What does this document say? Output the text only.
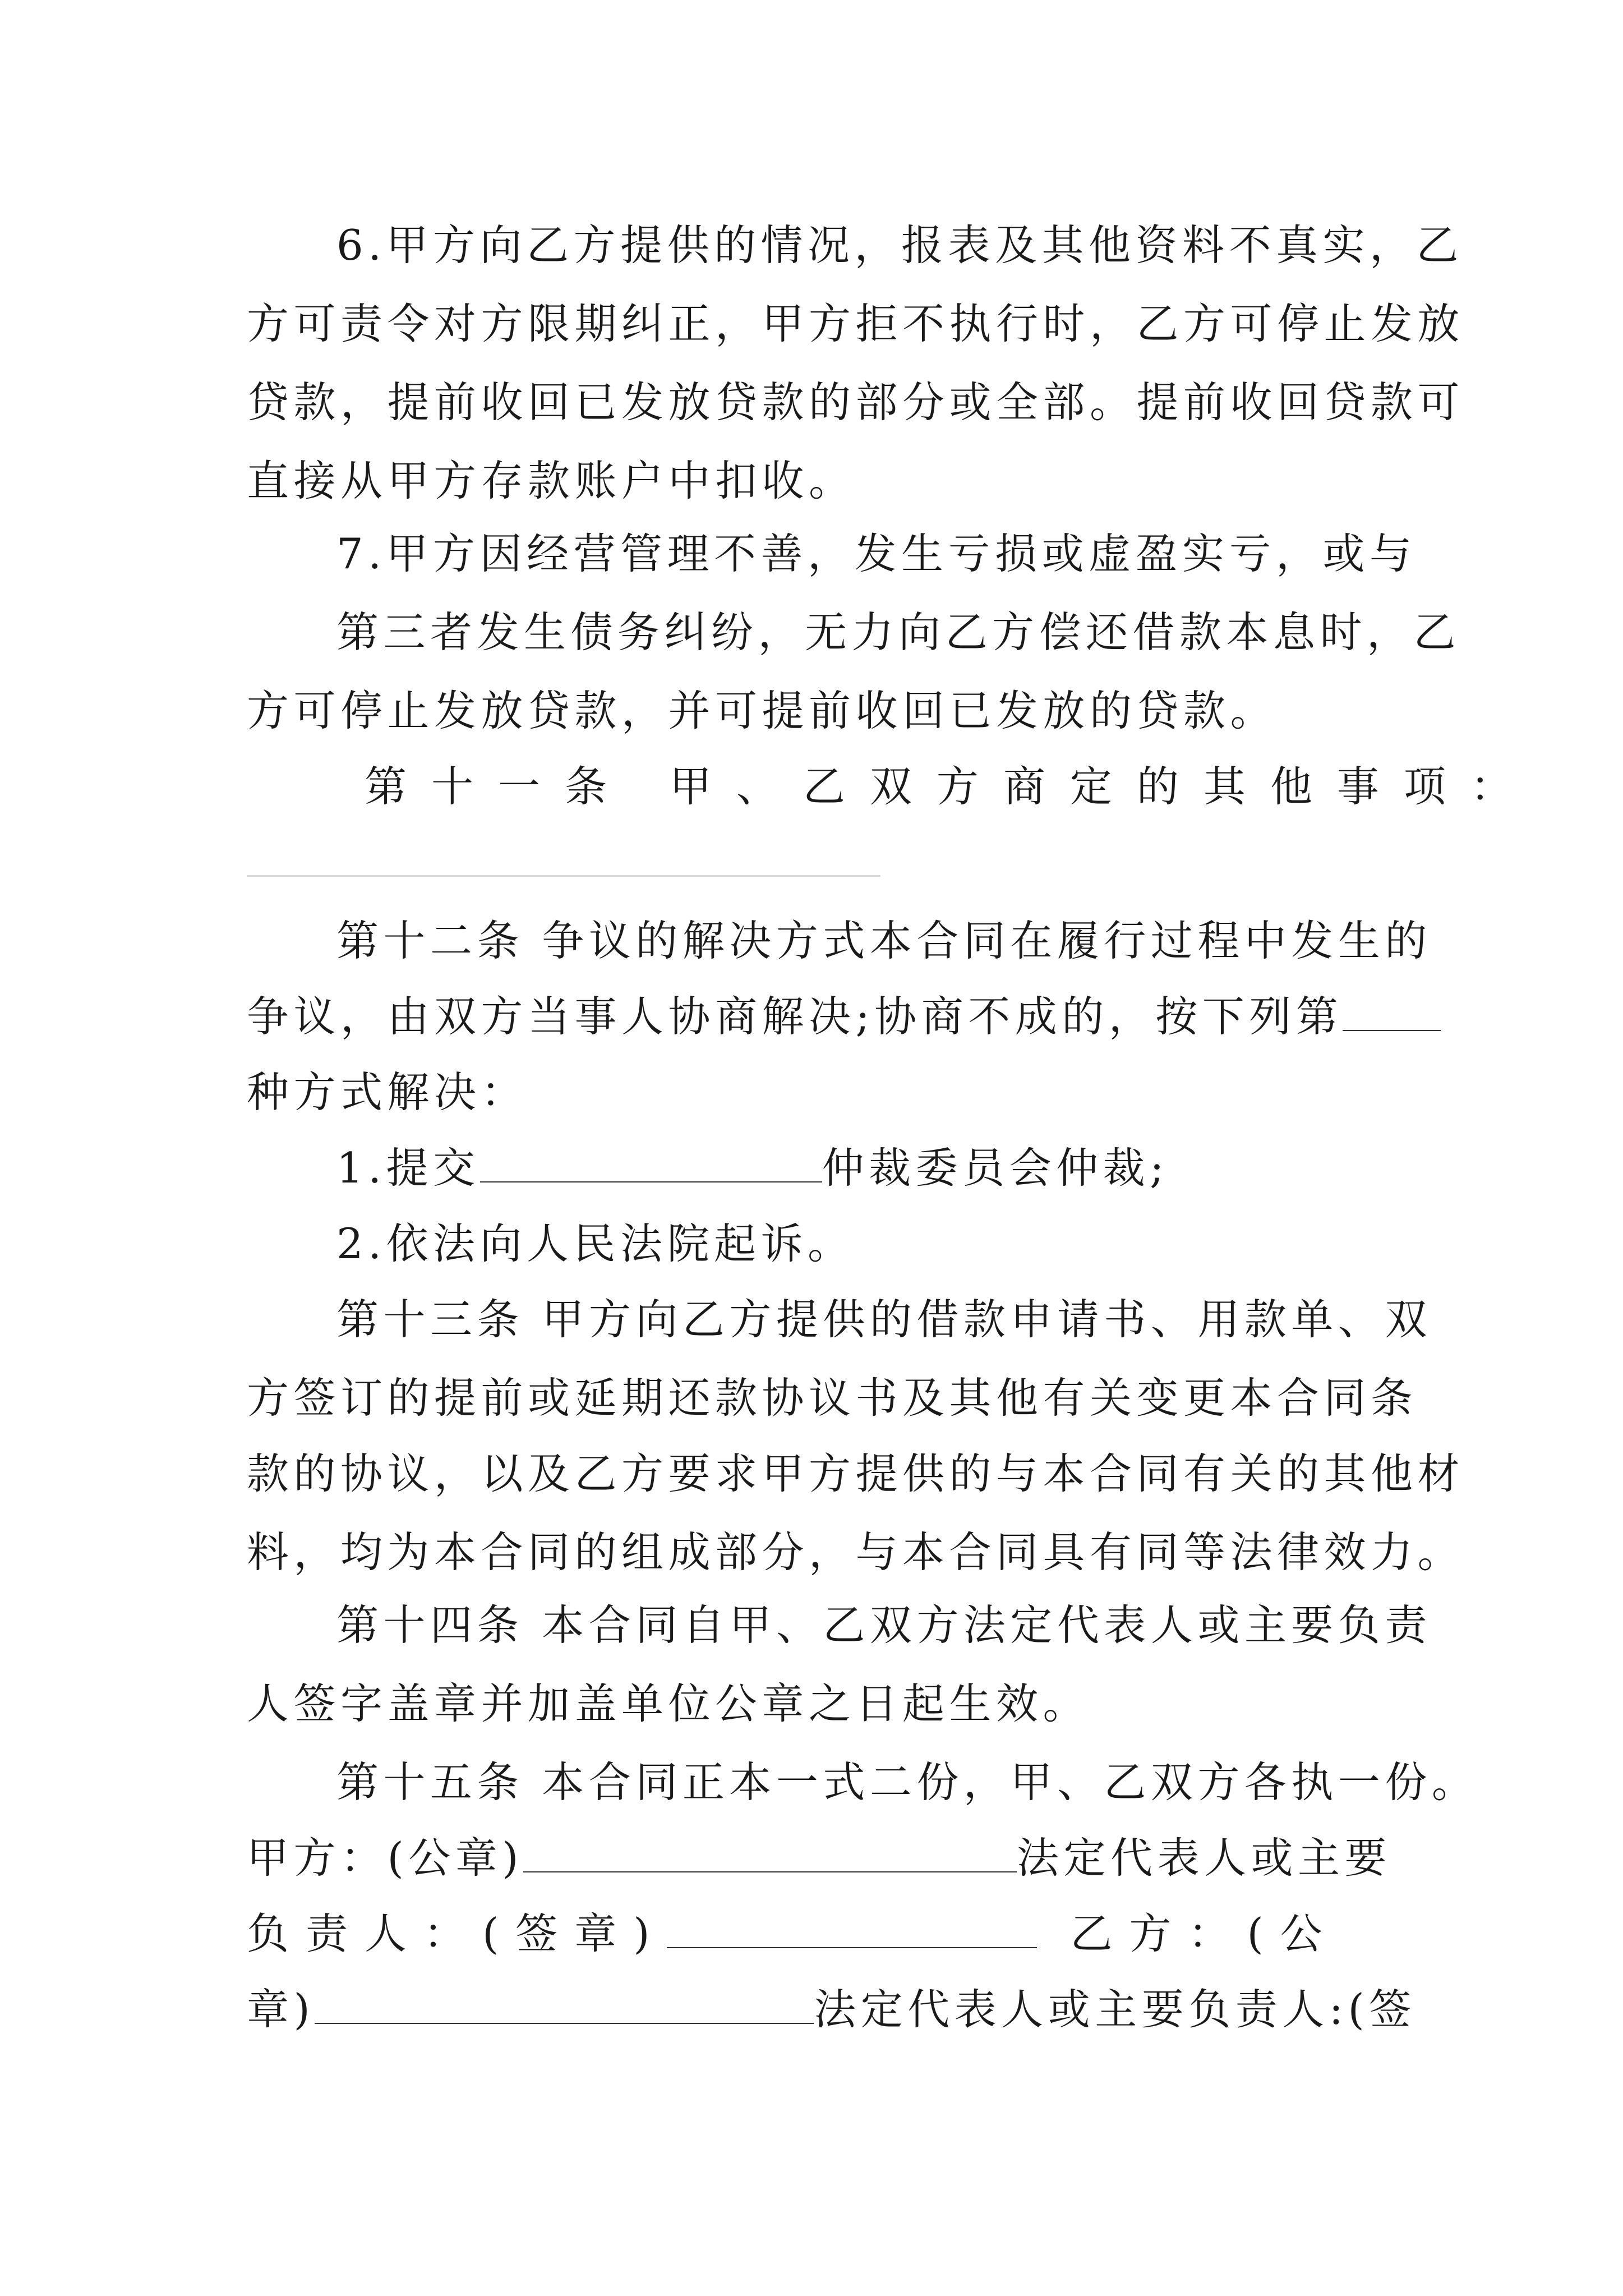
6.甲方向乙方提供的情况，报表及其他资料不真实，乙
方可责令对方限期纠正，甲方拒不执行时，乙方可停止发放
贷款，提前收回已发放贷款的部分或全部。提前收回贷款可
直接从甲方存款账户中扣收。
7.甲方因经营管理不善，发生亏损或虚盈实亏，或与
第三者发生债务纠纷，无力向乙方偿还借款本息时，乙
方可停止发放贷款，并可提前收回已发放的贷款。
第十一条 甲、乙双方商定的其他事项：
第十二条 争议的解决方式本合同在履行过程中发生的
争议，由双方当事人协商解决;协商不成的，按下列第
种方式解决：
1.提交	仲裁委员会仲裁;
2.依法向人民法院起诉。
第十三条 甲方向乙方提供的借款申请书、用款单、双
方签订的提前或延期还款协议书及其他有关变更本合同条
款的协议，以及乙方要求甲方提供的与本合同有关的其他材
料，均为本合同的组成部分，与本合同具有同等法律效力。
第十四条 本合同自甲、乙双方法定代表人或主要负责
人签字盖章并加盖单位公章之日起生效。
第十五条 本合同正本一式二份，甲、乙双方各执一份。
甲方：(公章)	法定代表人或主要
负责人：(签章)	乙方：(公
章)	法定代表人或主要负责人:(签
